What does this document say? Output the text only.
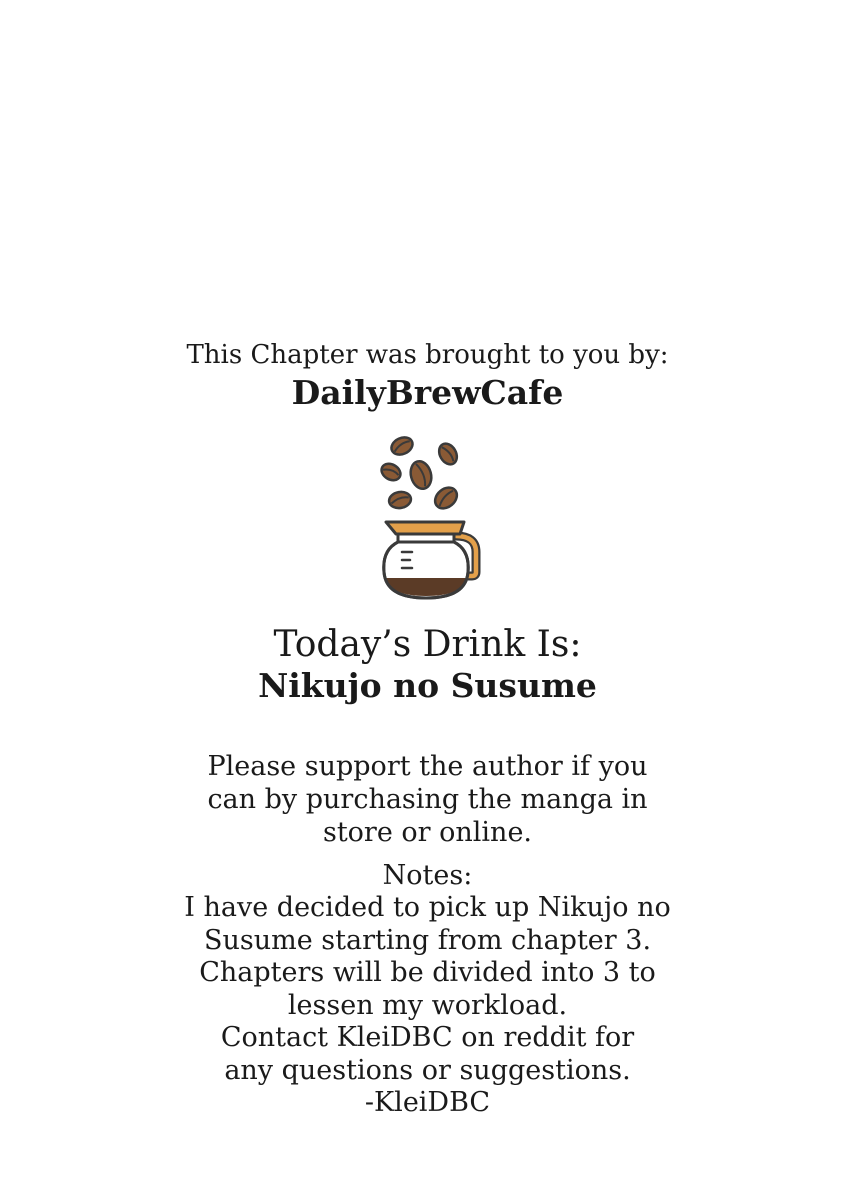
This Chapter was brought to you by:
DailyBrewCafe
Today’s Drink Is:
Nikujo no Susume
Please support the author if you
can by purchasing the manga in
store or online.
Notes:
I have decided to pick up Nikujo no
Susume starting from chapter 3.
Chapters will be divided into 3 to
lessen my workload.
Contact KleiDBC on reddit for
any questions or suggestions.
-KleiDBC
